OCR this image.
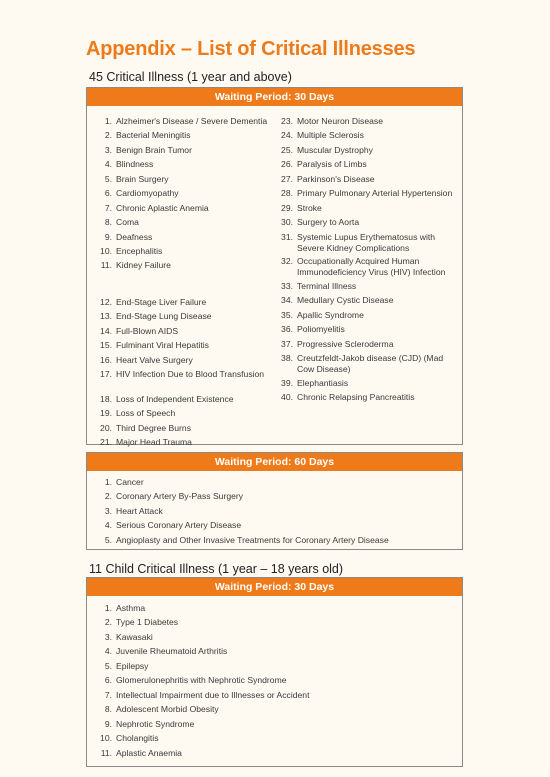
Appendix – List of Critical Illnesses
45 Critical Illness (1 year and above)
Waiting Period: 30 Days
1. Alzheimer's Disease / Severe Dementia
2. Bacterial Meningitis
3. Benign Brain Tumor
4. Blindness
5. Brain Surgery
6. Cardiomyopathy
7. Chronic Aplastic Anemia
8. Coma
9. Deafness
10. Encephalitis
11. Kidney Failure
12. End-Stage Liver Failure
13. End-Stage Lung Disease
14. Full-Blown AIDS
15. Fulminant Viral Hepatitis
16. Heart Valve Surgery
17. HIV Infection Due to Blood Transfusion
18. Loss of Independent Existence
19. Loss of Speech
20. Third Degree Burns
21. Major Head Trauma
23. Motor Neuron Disease
24. Multiple Sclerosis
25. Muscular Dystrophy
26. Paralysis of Limbs
27. Parkinson's Disease
28. Primary Pulmonary Arterial Hypertension
29. Stroke
30. Surgery to Aorta
31. Systemic Lupus Erythematosus with Severe Kidney Complications
32. Occupationally Acquired Human Immunodeficiency Virus (HIV) Infection
33. Terminal Illness
34. Medullary Cystic Disease
35. Apallic Syndrome
36. Poliomyelitis
37. Progressive Scleroderma
38. Creutzfeldt-Jakob disease (CJD) (Mad Cow Disease)
39. Elephantiasis
40. Chronic Relapsing Pancreatitis
Waiting Period: 60 Days
1. Cancer
2. Coronary Artery By-Pass Surgery
3. Heart Attack
4. Serious Coronary Artery Disease
5. Angioplasty and Other Invasive Treatments for Coronary Artery Disease
11 Child Critical Illness (1 year – 18 years old)
Waiting Period: 30 Days
1. Asthma
2. Type 1 Diabetes
3. Kawasaki
4. Juvenile Rheumatoid Arthritis
5. Epilepsy
6. Glomerulonephritis with Nephrotic Syndrome
7. Intellectual Impairment due to Illnesses or Accident
8. Adolescent Morbid Obesity
9. Nephrotic Syndrome
10. Cholangitis
11. Aplastic Anaemia
